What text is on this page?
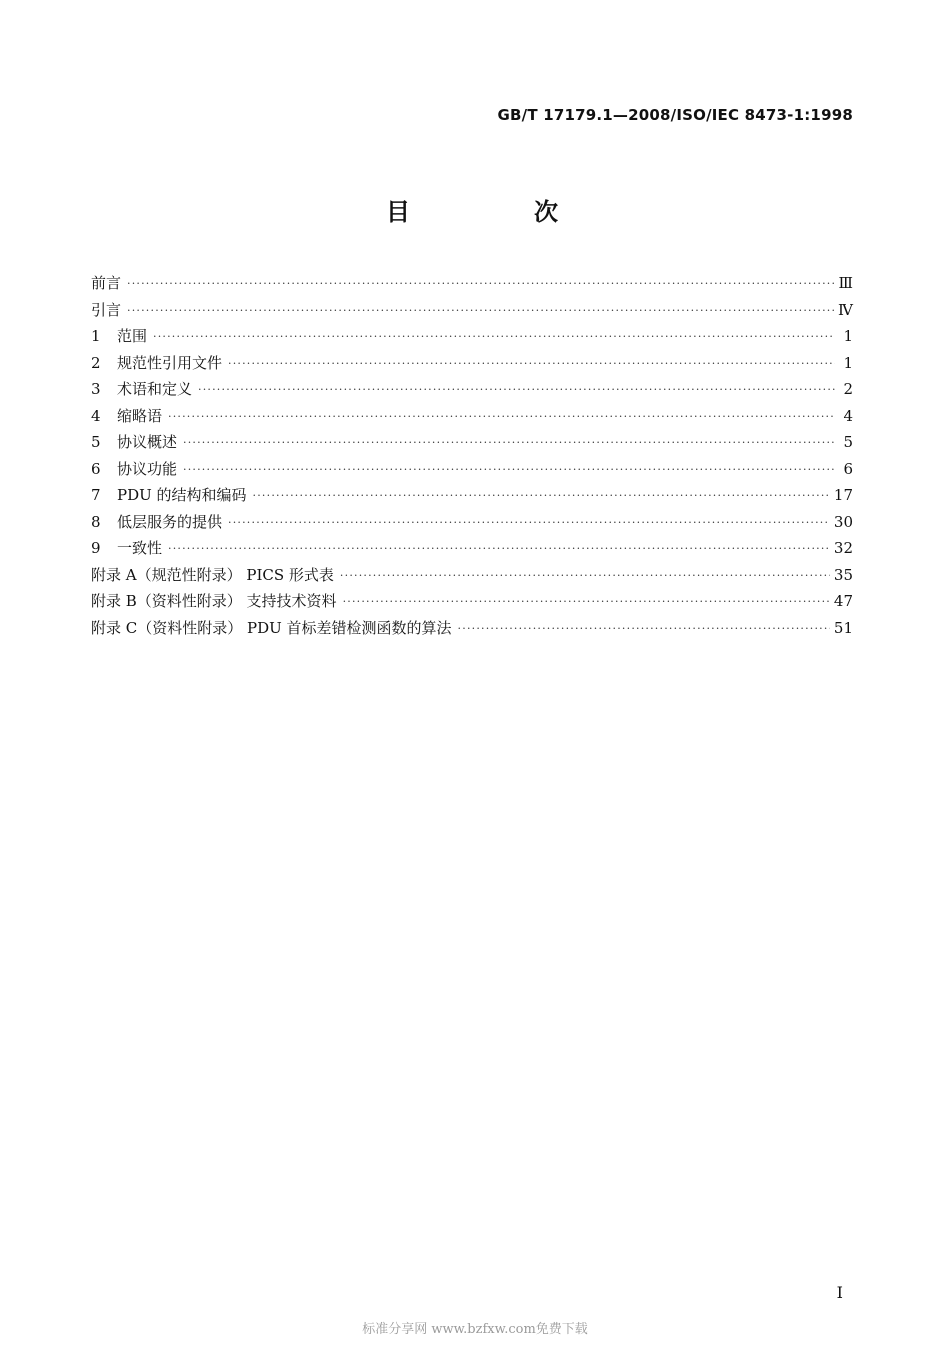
GB/T 17179.1—2008/ISO/IEC 8473-1:1998
目　次
前言 ·····	Ⅲ
引言 ·····	Ⅳ
1	范围 ·····	1
2	规范性引用文件 ·····	1
3	术语和定义 ·····	2
4	缩略语 ·····	4
5	协议概述 ·····	5
6	协议功能 ·····	6
7	PDU 的结构和编码 ·····	17
8	低层服务的提供 ·····	30
9	一致性 ·····	32
附录 A（规范性附录） PICS 形式表 ·····	35
附录 B（资料性附录） 支持技术资料 ·····	47
附录 C（资料性附录） PDU 首标差错检测函数的算法 ·····	51
I
标准分享网 www.bzfxw.com免费下载
